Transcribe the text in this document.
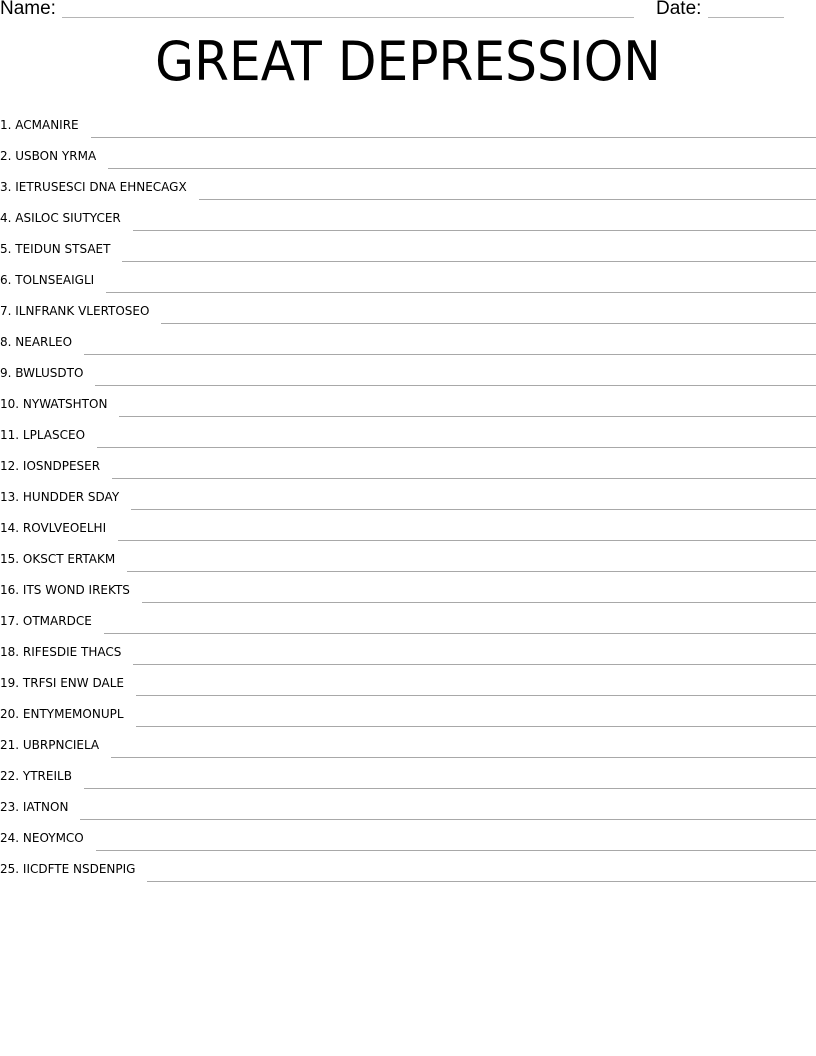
Name:	Date:
GREAT DEPRESSION
1. ACMANIRE
2. USBON YRMA
3. IETRUSESCI DNA EHNECAGX
4. ASILOC SIUTYCER
5. TEIDUN STSAET
6. TOLNSEAIGLI
7. ILNFRANK VLERTOSEO
8. NEARLEO
9. BWLUSDTO
10. NYWATSHTON
11. LPLASCEO
12. IOSNDPESER
13. HUNDDER SDAY
14. ROVLVEOELHI
15. OKSCT ERTAKM
16. ITS WOND IREKTS
17. OTMARDCE
18. RIFESDIE THACS
19. TRFSI ENW DALE
20. ENTYMEMONUPL
21. UBRPNCIELA
22. YTREILB
23. IATNON
24. NEOYMCO
25. IICDFTE NSDENPIG
